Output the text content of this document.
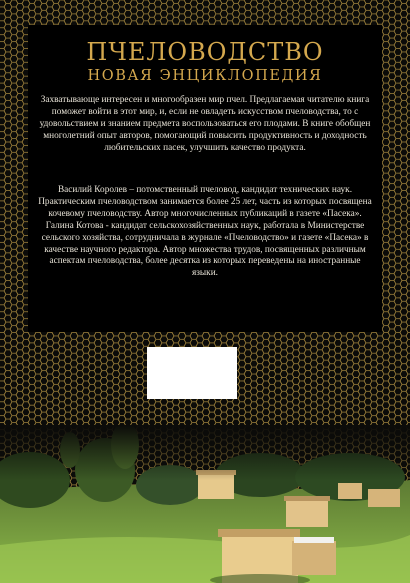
ПЧЕЛОВОДСТВО
НОВАЯ ЭНЦИКЛОПЕДИЯ

Захватывающе интересен и многообразен мир пчел. Предлагаемая читателю книга поможет войти в этот мир, и, если не овладеть искусством пчеловодства, то с удовольствием и знанием предмета воспользоваться его плодами. В книге обобщен многолетний опыт авторов, помогающий повысить продуктивность и доходность любительских пасек, улучшить качество продукта.

Василий Королев – потомственный пчеловод, кандидат технических наук. Практическим пчеловодством занимается более 25 лет, часть из которых посвящена кочевому пчеловодству. Автор многочисленных публикаций в газете «Пасека».

Галина Котова - кандидат сельскохозяйственных наук, работала в Министерстве сельского хозяйства, сотрудничала в журнале «Пчеловодство» и газете «Пасека» в качестве научного редактора. Автор множества трудов, посвященных различным аспектам пчеловодства, более десятка из которых переведены на иностранные языки.
